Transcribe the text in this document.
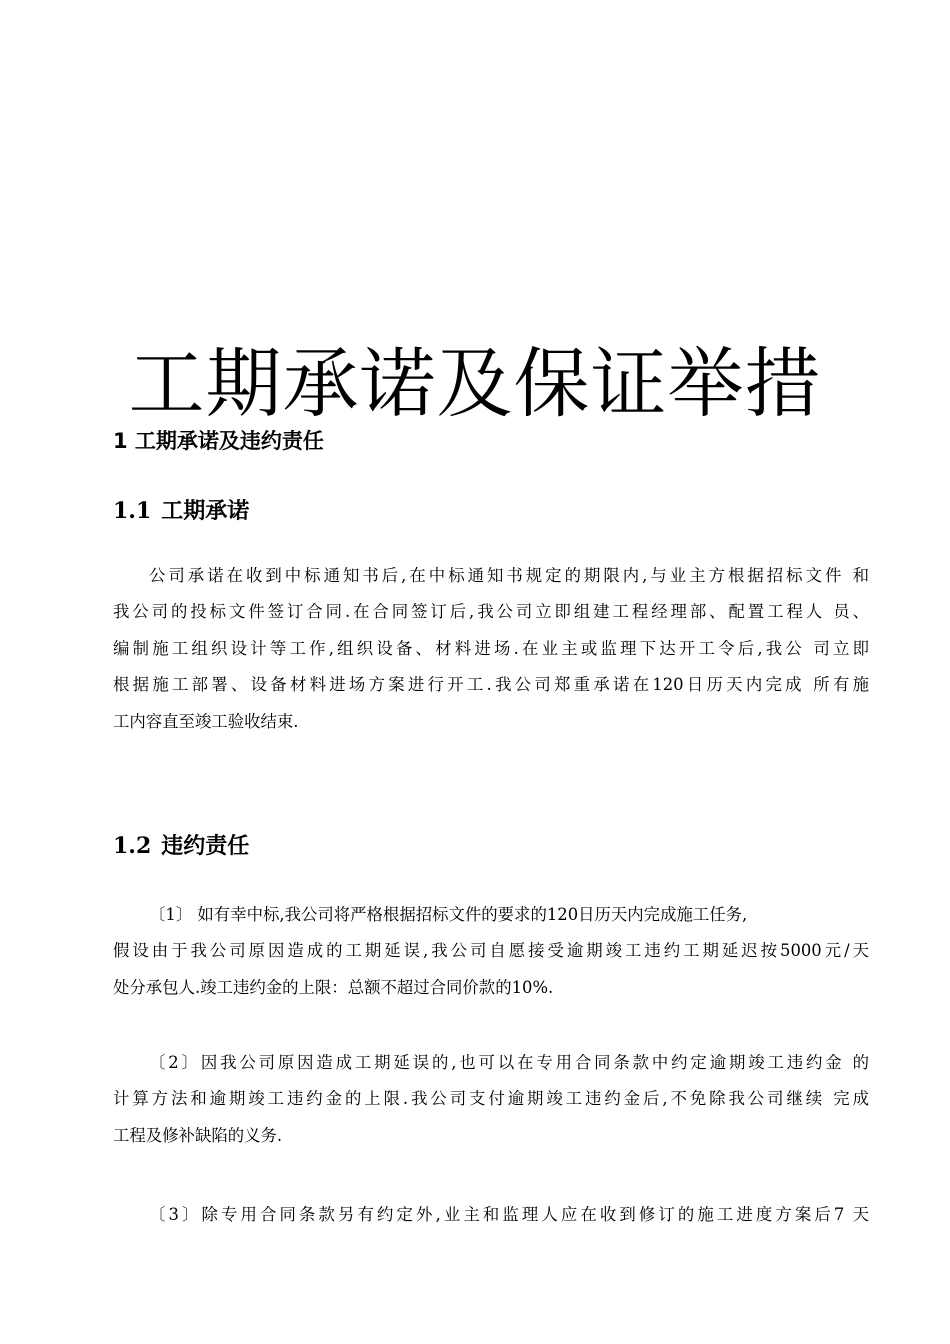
工期承诺及保证举措
1 工期承诺及违约责任
1.1 工期承诺
公司承诺在收到中标通知书后,在中标通知书规定的期限内,与业主方根据招标文件 和
我公司的投标文件签订合同.在合同签订后,我公司立即组建工程经理部、配置工程人 员、
编制施工组织设计等工作,组织设备、材料进场.在业主或监理下达开工令后,我公 司立即
根据施工部署、设备材料进场方案进行开工.我公司郑重承诺在120日历天内完成 所有施
工内容直至竣工验收结束.
1.2 违约责任
〔1〕 如有幸中标,我公司将严格根据招标文件的要求的120日历天内完成施工任务,
假设由于我公司原因造成的工期延误,我公司自愿接受逾期竣工违约工期延迟按5000元/天
处分承包人.竣工违约金的上限：总额不超过合同价款的10%.
〔2〕因我公司原因造成工期延误的,也可以在专用合同条款中约定逾期竣工违约金 的
计算方法和逾期竣工违约金的上限.我公司支付逾期竣工违约金后,不免除我公司继续 完成
工程及修补缺陷的义务.
〔3〕除专用合同条款另有约定外,业主和监理人应在收到修订的施工进度方案后7 天
